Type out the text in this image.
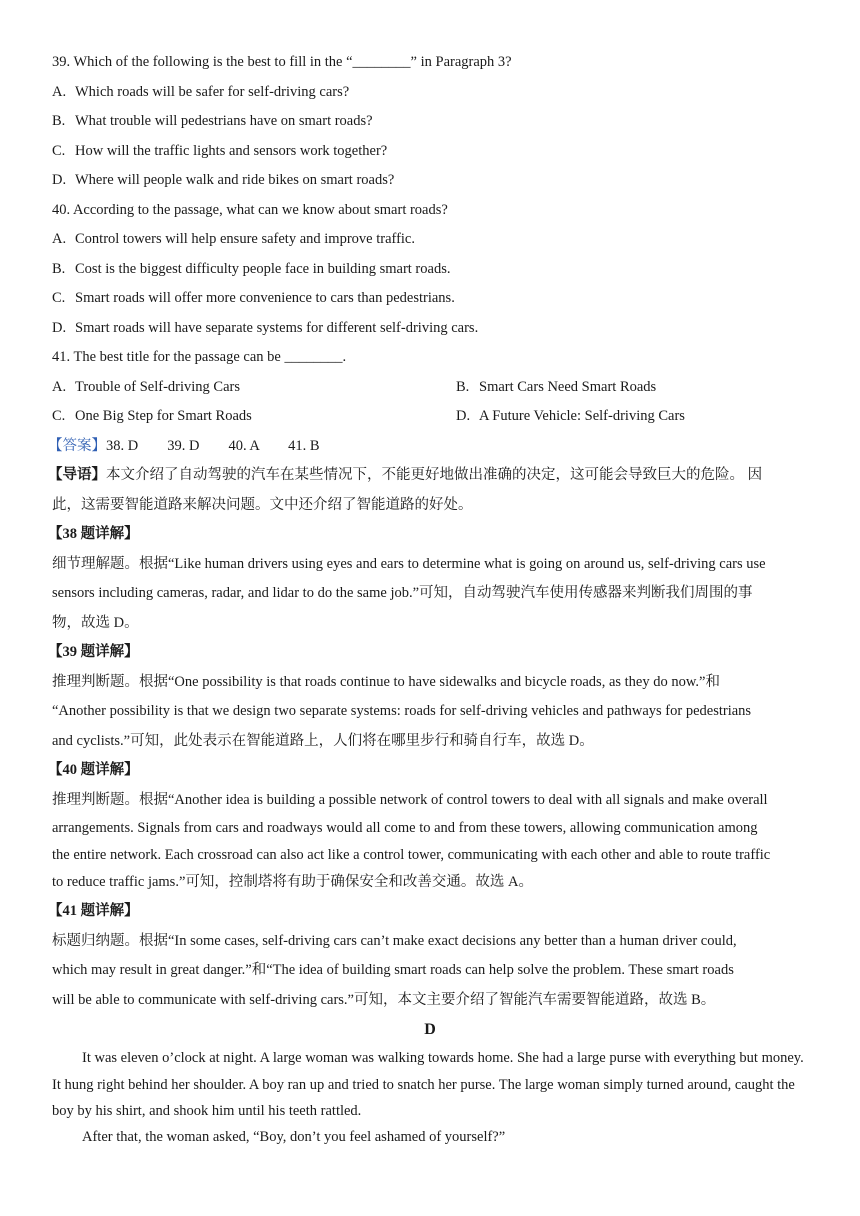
39. Which of the following is the best to fill in the “________” in Paragraph 3?
A. Which roads will be safer for self-driving cars?
B. What trouble will pedestrians have on smart roads?
C. How will the traffic lights and sensors work together?
D. Where will people walk and ride bikes on smart roads?
40. According to the passage, what can we know about smart roads?
A. Control towers will help ensure safety and improve traffic.
B. Cost is the biggest difficulty people face in building smart roads.
C. Smart roads will offer more convenience to cars than pedestrians.
D. Smart roads will have separate systems for different self-driving cars.
41. The best title for the passage can be ________.
A. Trouble of Self-driving Cars	B. Smart Cars Need Smart Roads
C. One Big Step for Smart Roads	D. A Future Vehicle: Self-driving Cars
【答案】38. D        39. D        40. A        41. B
【导语】本文介绍了自动驾驶的汽车在某些情况下，不能更好地做出准确的决定，这可能会导致巨大的危险。 因
此，这需要智能道路来解决问题。文中还介绍了智能道路的好处。
【38 题详解】
细节理解题。根据“Like human drivers using eyes and ears to determine what is going on around us, self-driving cars use
sensors including cameras, radar, and lidar to do the same job.”可知，自动驾驶汽车使用传感器来判断我们周围的事
物，故选 D。
【39 题详解】
推理判断题。根据“One possibility is that roads continue to have sidewalks and bicycle roads, as they do now.”和
“Another possibility is that we design two separate systems: roads for self-driving vehicles and pathways for pedestrians
and cyclists.”可知，此处表示在智能道路上，人们将在哪里步行和骑自行车，故选 D。
【40 题详解】
推理判断题。根据“Another idea is building a possible network of control towers to deal with all signals and make overall
arrangements. Signals from cars and roadways would all come to and from these towers, allowing communication among
the entire network. Each crossroad can also act like a control tower, communicating with each other and able to route traffic
to reduce traffic jams.”可知，控制塔将有助于确保安全和改善交通。故选 A。
【41 题详解】
标题归纳题。根据“In some cases, self-driving cars can’t make exact decisions any better than a human driver could,
which may result in great danger.”和“The idea of building smart roads can help solve the problem. These smart roads
will be able to communicate with self-driving cars.”可知，本文主要介绍了智能汽车需要智能道路，故选 B。
D
It was eleven o’clock at night. A large woman was walking towards home. She had a large purse with everything but money. It hung right behind her shoulder. A boy ran up and tried to snatch her purse. The large woman simply turned around, caught the boy by his shirt, and shook him until his teeth rattled.
After that, the woman asked, “Boy, don’t you feel ashamed of yourself?”
